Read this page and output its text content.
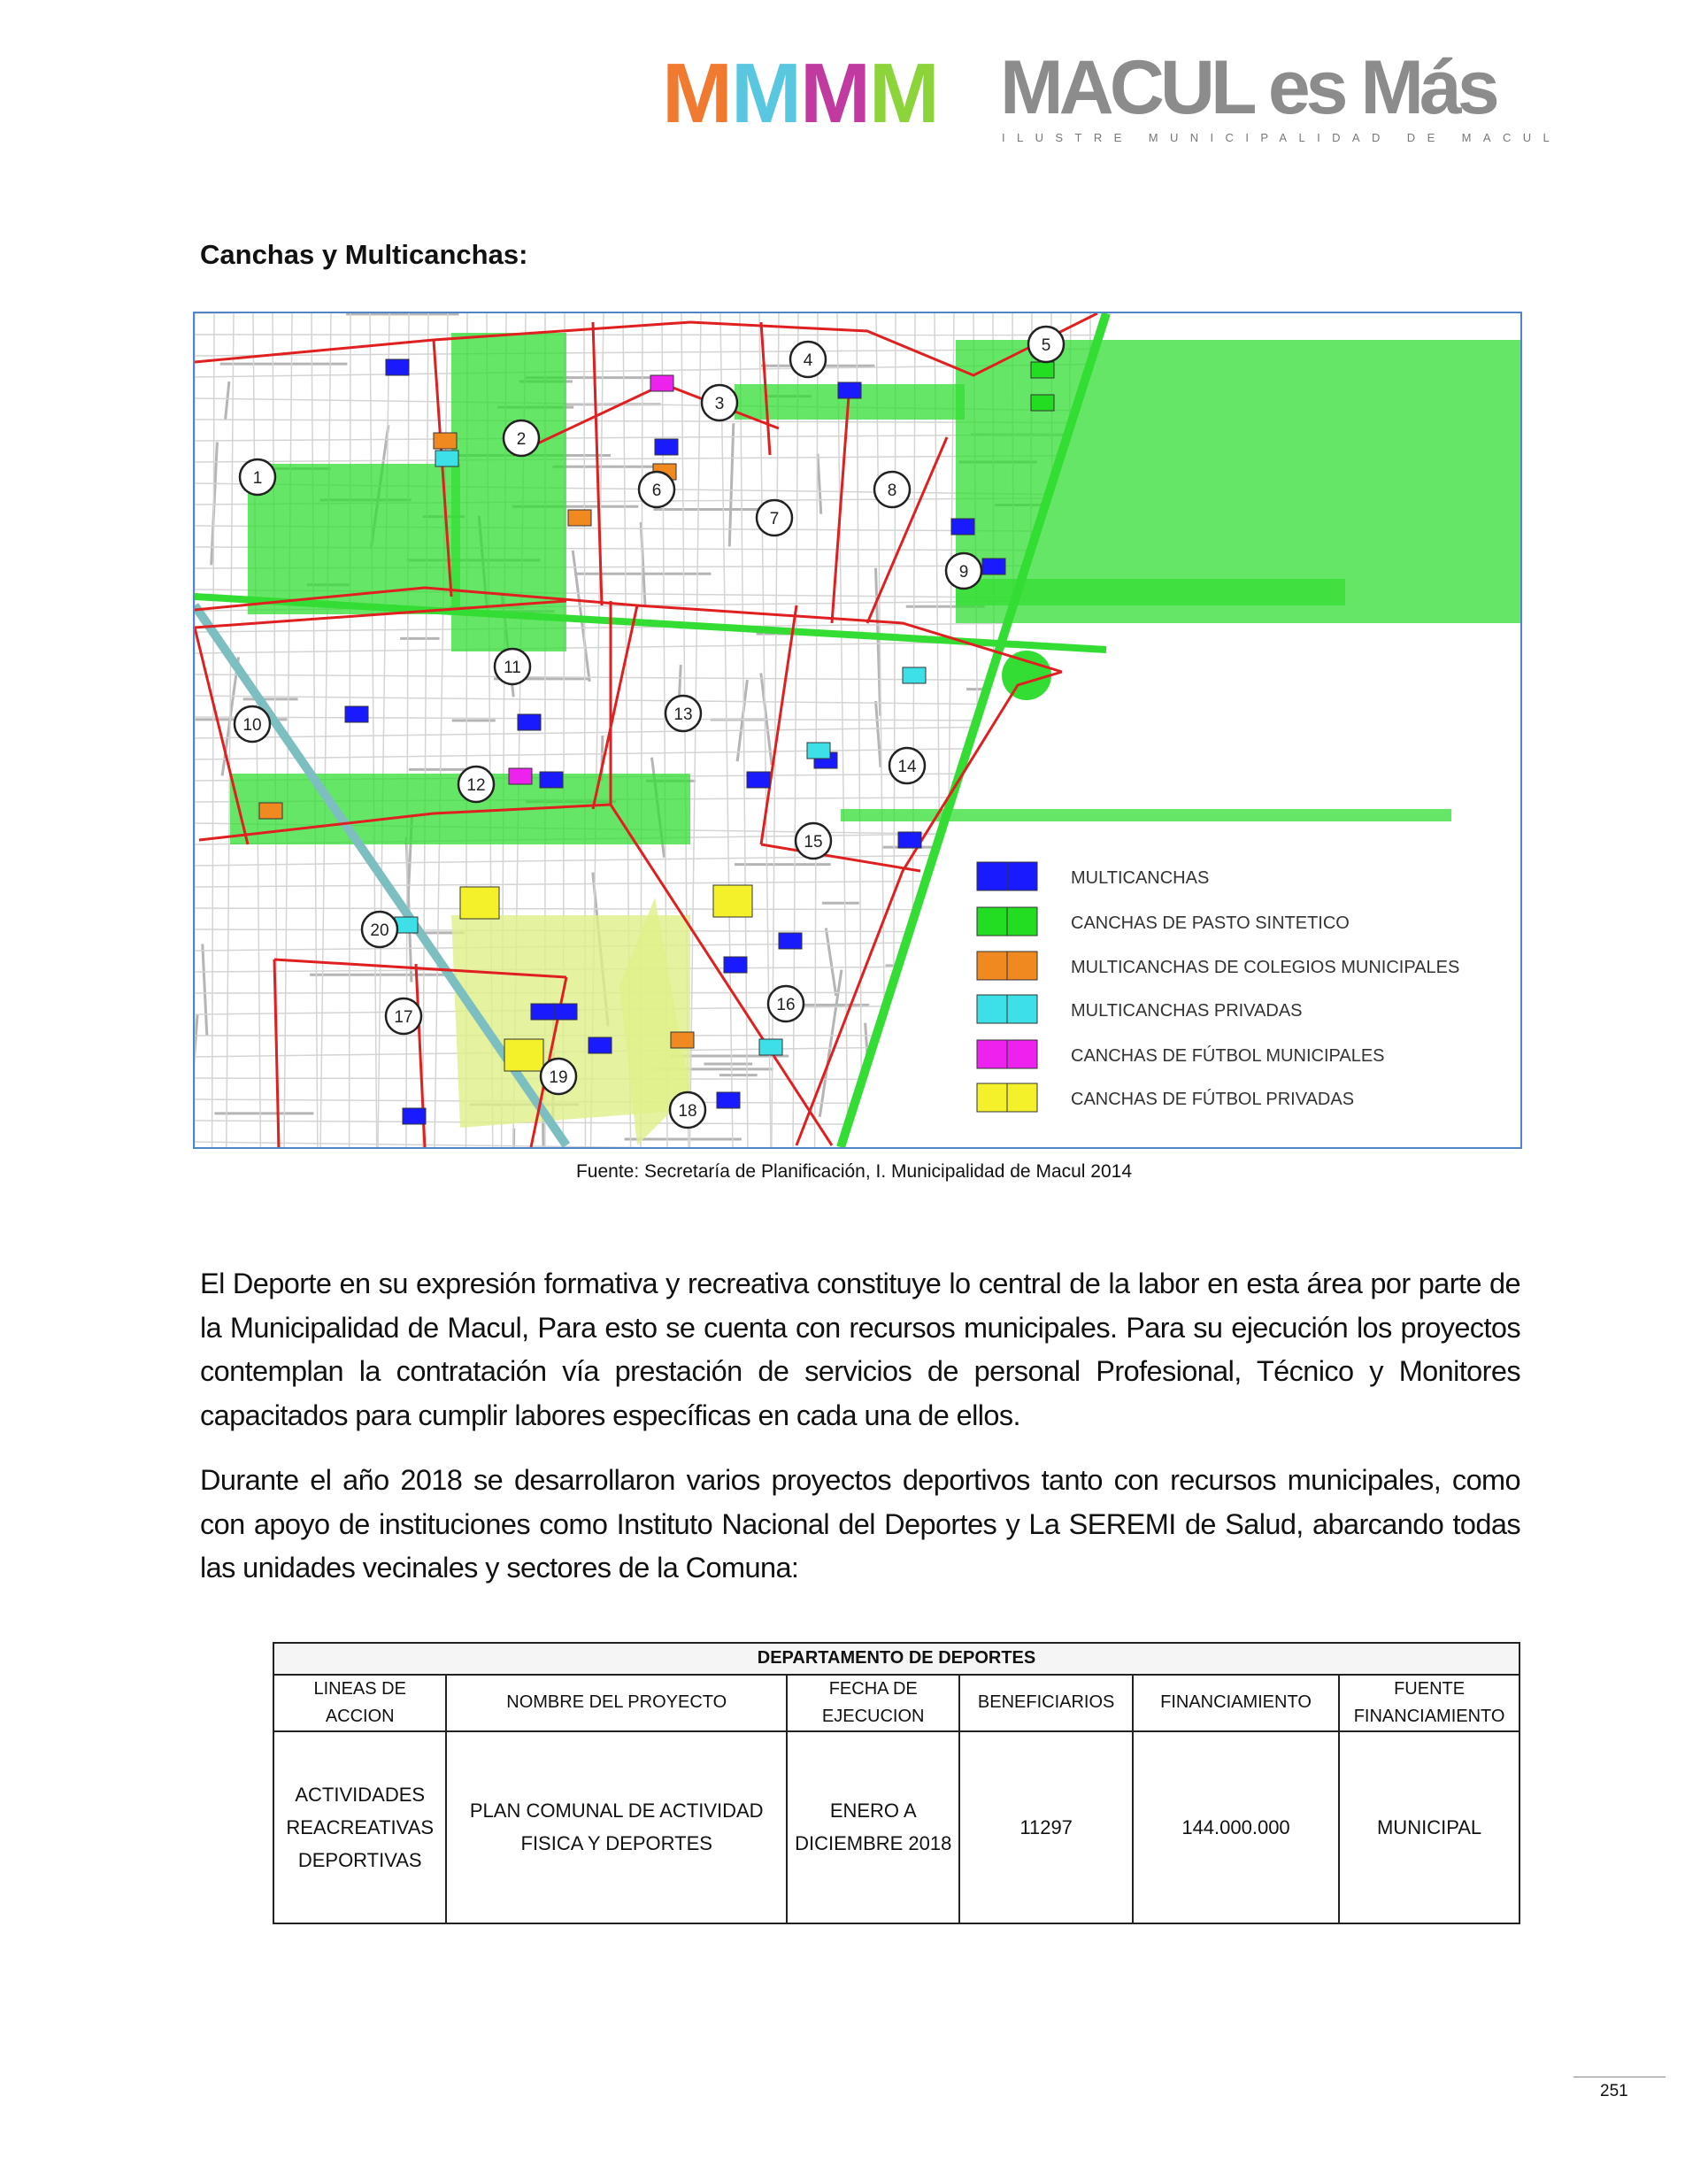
M M M M MACUL es Más
ILUSTRE MUNICIPALIDAD DE MACUL
Canchas y Multicanchas:
1
2
3
4
5
6
7
8
9
10
11
12
13
14
15
16
17
18
19
20
MULTICANCHAS
CANCHAS DE PASTO SINTETICO
MULTICANCHAS DE COLEGIOS MUNICIPALES
MULTICANCHAS PRIVADAS
CANCHAS DE FÚTBOL MUNICIPALES
CANCHAS DE FÚTBOL PRIVADAS
Fuente: Secretaría de Planificación, I. Municipalidad de Macul 2014
El Deporte en su expresión formativa y recreativa constituye lo central de la labor en esta área por parte de la Municipalidad de Macul, Para esto se cuenta con recursos municipales. Para su ejecución los proyectos contemplan la contratación vía prestación de servicios de personal Profesional, Técnico y Monitores capacitados para cumplir labores específicas en cada una de ellos.
Durante el año 2018 se desarrollaron varios proyectos deportivos tanto con recursos municipales, como con apoyo de instituciones como Instituto Nacional del Deportes y La SEREMI de Salud, abarcando todas las unidades vecinales y sectores de la Comuna:
DEPARTAMENTO DE DEPORTES					
LINEAS DE ACCION	NOMBRE DEL PROYECTO	FECHA DE EJECUCION	BENEFICIARIOS	FINANCIAMIENTO	FUENTE FINANCIAMIENTO
ACTIVIDADES REACREATIVAS DEPORTIVAS	PLAN COMUNAL DE ACTIVIDAD FISICA Y DEPORTES	ENERO A DICIEMBRE 2018	11297	144.000.000	MUNICIPAL
251
